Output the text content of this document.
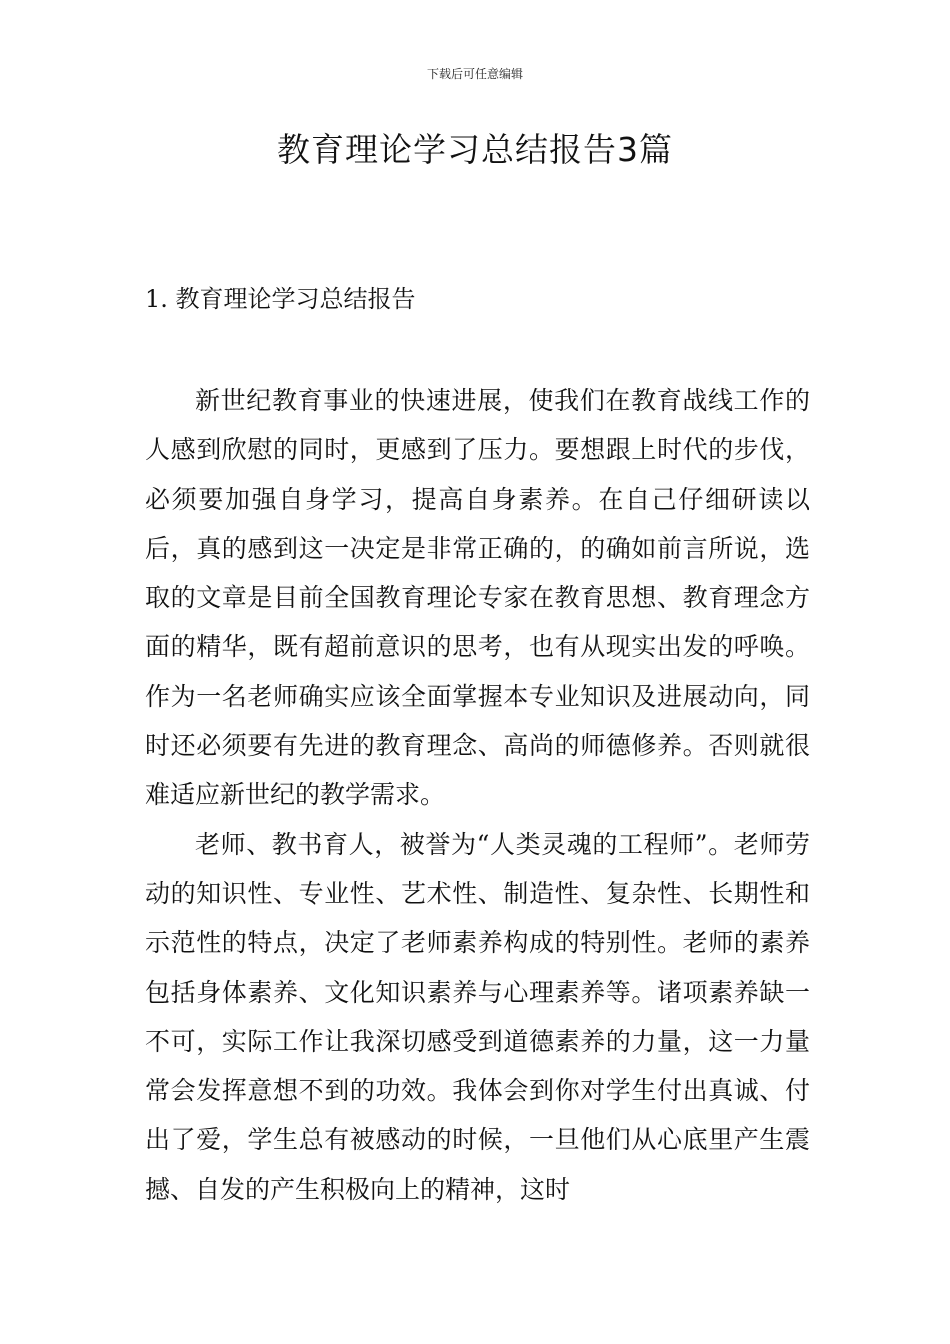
下载后可任意编辑
教育理论学习总结报告3篇
1. 教育理论学习总结报告

新世纪教育事业的快速进展，使我们在教育战线工作的人感到欣慰的同时，更感到了压力。要想跟上时代的步伐，必须要加强自身学习，提高自身素养。在自己仔细研读以后，真的感到这一决定是非常正确的，的确如前言所说，选取的文章是目前全国教育理论专家在教育思想、教育理念方面的精华，既有超前意识的思考，也有从现实出发的呼唤。作为一名老师确实应该全面掌握本专业知识及进展动向，同时还必须要有先进的教育理念、高尚的师德修养。否则就很难适应新世纪的教学需求。

老师、教书育人，被誉为“人类灵魂的工程师”。老师劳动的知识性、专业性、艺术性、制造性、复杂性、长期性和示范性的特点，决定了老师素养构成的特别性。老师的素养包括身体素养、文化知识素养与心理素养等。诸项素养缺一不可，实际工作让我深切感受到道德素养的力量，这一力量常会发挥意想不到的功效。我体会到你对学生付出真诚、付出了爱，学生总有被感动的时候，一旦他们从心底里产生震撼、自发的产生积极向上的精神，这时
